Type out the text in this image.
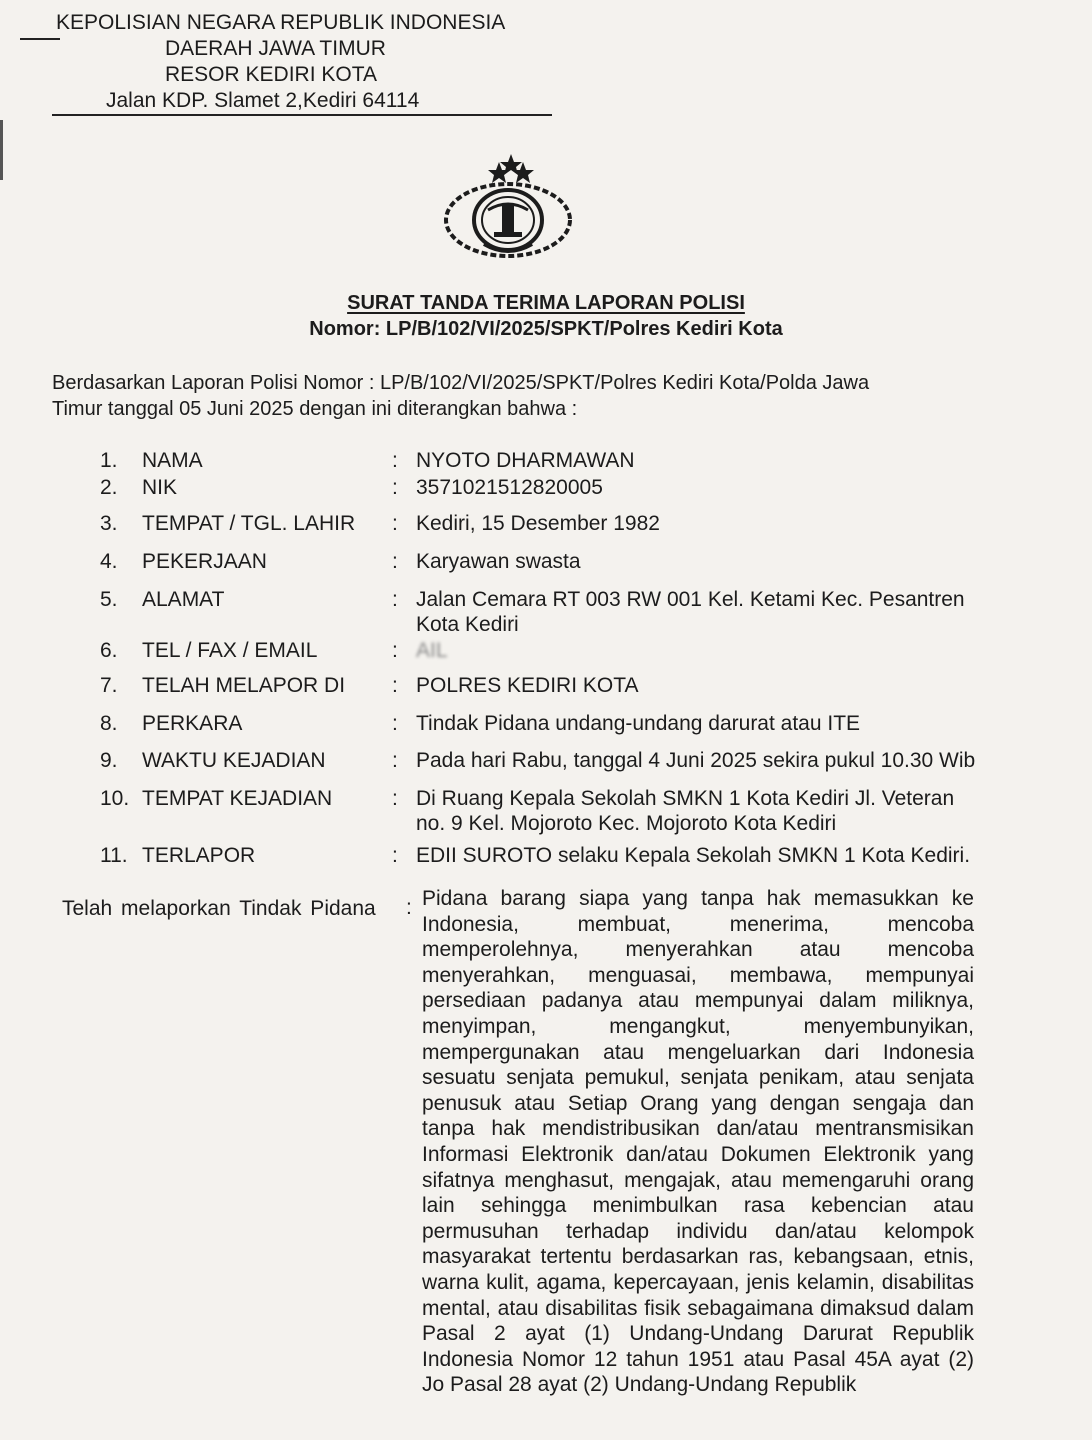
KEPOLISIAN NEGARA REPUBLIK INDONESIA
DAERAH JAWA TIMUR
RESOR KEDIRI KOTA
Jalan KDP. Slamet 2,Kediri 64114
SURAT TANDA TERIMA LAPORAN POLISI
Nomor: LP/B/102/VI/2025/SPKT/Polres Kediri Kota
Berdasarkan Laporan Polisi Nomor : LP/B/102/VI/2025/SPKT/Polres Kediri Kota/Polda Jawa
Timur tanggal 05 Juni 2025 dengan ini diterangkan bahwa :
1.	NAMA	: NYOTO DHARMAWAN
2.	NIK	: 3571021512820005
3.	TEMPAT / TGL. LAHIR : Kediri, 15 Desember 1982
4.	PEKERJAAN	: Karyawan swasta
5.	ALAMAT	: Jalan Cemara RT 003 RW 001 Kel. Ketami Kec. Pesantren
Kota Kediri
6.	TEL / FAX / EMAIL	: AIL
7.	TELAH MELAPOR DI : POLRES KEDIRI KOTA
8.	PERKARA	: Tindak Pidana undang-undang darurat atau ITE
9.	WAKTU KEJADIAN	: Pada hari Rabu, tanggal 4 Juni 2025 sekira pukul 10.30 Wib
10. TEMPAT KEJADIAN	: Di Ruang Kepala Sekolah SMKN 1 Kota Kediri Jl. Veteran
no. 9 Kel. Mojoroto Kec. Mojoroto Kota Kediri
11. TERLAPOR	: EDII SUROTO selaku Kepala Sekolah SMKN 1 Kota Kediri.
Telah melaporkan Tindak Pidana : Pidana barang siapa yang tanpa hak memasukkan ke Indonesia, membuat, menerima, mencoba memperolehnya, menyerahkan atau mencoba menyerahkan, menguasai, membawa, mempunyai persediaan padanya atau mempunyai dalam miliknya, menyimpan, mengangkut, menyembunyikan, mempergunakan atau mengeluarkan dari Indonesia sesuatu senjata pemukul, senjata penikam, atau senjata penusuk atau Setiap Orang yang dengan sengaja dan tanpa hak mendistribusikan dan/atau mentransmisikan Informasi Elektronik dan/atau Dokumen Elektronik yang sifatnya menghasut, mengajak, atau memengaruhi orang lain sehingga menimbulkan rasa kebencian atau permusuhan terhadap individu dan/atau kelompok masyarakat tertentu berdasarkan ras, kebangsaan, etnis, warna kulit, agama, kepercayaan, jenis kelamin, disabilitas mental, atau disabilitas fisik sebagaimana dimaksud dalam Pasal 2 ayat (1) Undang-Undang Darurat Republik Indonesia Nomor 12 tahun 1951 atau Pasal 45A ayat (2) Jo Pasal 28 ayat (2) Undang-Undang Republik
